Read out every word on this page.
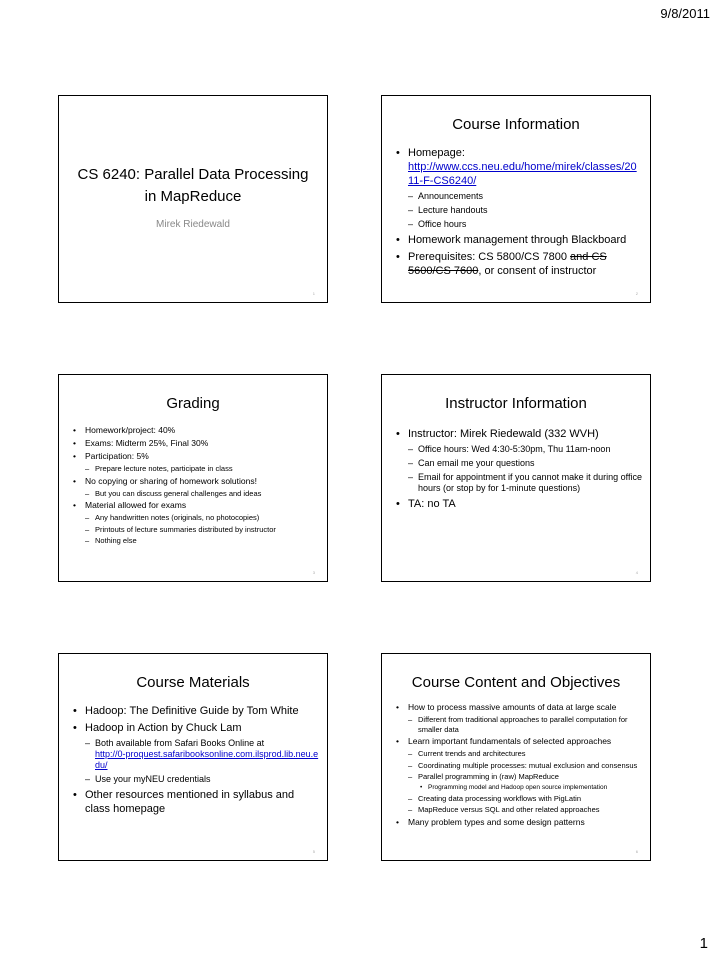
9/8/2011
CS 6240: Parallel Data Processing
in MapReduce
Mirek Riedewald
1
Course Information
• Homepage:
http://www.ccs.neu.edu/home/mirek/classes/2011-F-CS6240/
– Announcements
– Lecture handouts
– Office hours
• Homework management through Blackboard
• Prerequisites: CS 5800/CS 7800 and CS 5600/CS 7600, or consent of instructor
2
Grading
• Homework/project: 40%
• Exams: Midterm 25%, Final 30%
• Participation: 5%
– Prepare lecture notes, participate in class
• No copying or sharing of homework solutions!
– But you can discuss general challenges and ideas
• Material allowed for exams
– Any handwritten notes (originals, no photocopies)
– Printouts of lecture summaries distributed by instructor
– Nothing else
3
Instructor Information
• Instructor: Mirek Riedewald (332 WVH)
– Office hours: Wed 4:30-5:30pm, Thu 11am-noon
– Can email me your questions
– Email for appointment if you cannot make it during office hours (or stop by for 1-minute questions)
• TA: no TA
4
Course Materials
• Hadoop: The Definitive Guide by Tom White
• Hadoop in Action by Chuck Lam
– Both available from Safari Books Online at
http://0-proquest.safaribooksonline.com.ilsprod.lib.neu.edu/
– Use your myNEU credentials
• Other resources mentioned in syllabus and class homepage
5
Course Content and Objectives
• How to process massive amounts of data at large scale
– Different from traditional approaches to parallel computation for smaller data
• Learn important fundamentals of selected approaches
– Current trends and architectures
– Coordinating multiple processes: mutual exclusion and consensus
– Parallel programming in (raw) MapReduce
• Programming model and Hadoop open source implementation
– Creating data processing workflows with PigLatin
– MapReduce versus SQL and other related approaches
• Many problem types and some design patterns
6
1
